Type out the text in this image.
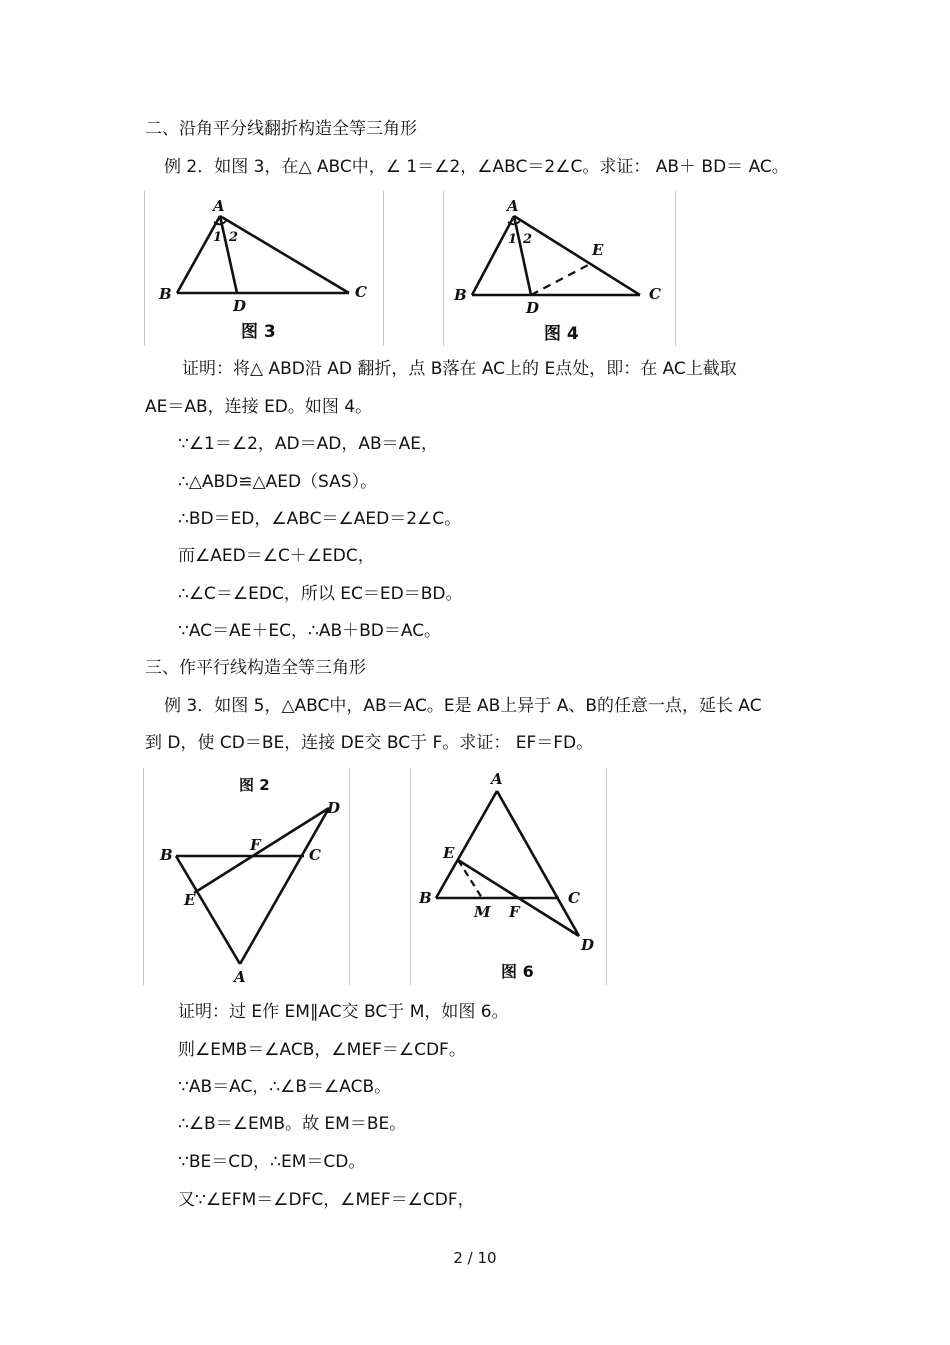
二、沿角平分线翻折构造全等三角形
例 2．如图 3，在△ ABC中，∠ 1＝∠2，∠ABC＝2∠C。求证： AB＋ BD＝ AC。
A
1 2
B
D
C
图 3
A
1 2
E
B
D
C
图 4
证明：将△ ABD沿 AD 翻折，点 B落在 AC上的 E点处，即：在 AC上截取
AE＝AB，连接 ED。如图 4。
∵∠1＝∠2，AD＝AD，AB＝AE，
∴△ABD≌△AED（SAS）。
∴BD＝ED，∠ABC＝∠AED＝2∠C。
而∠AED＝∠C＋∠EDC，
∴∠C＝∠EDC，所以 EC＝ED＝BD。
∵AC＝AE＋EC，∴AB＋BD＝AC。
三、作平行线构造全等三角形
例 3．如图 5，△ABC中，AB＝AC。E是 AB上异于 A、B的任意一点，延长 AC
到 D，使 CD＝BE，连接 DE交 BC于 F。求证： EF＝FD。
图 2
D
B
F
C
E
A
A
E
B
M F
C
D
图 6
证明：过 E作 EM∥AC交 BC于 M，如图 6。
则∠EMB＝∠ACB，∠MEF＝∠CDF。
∵AB＝AC，∴∠B＝∠ACB。
∴∠B＝∠EMB。故 EM＝BE。
∵BE＝CD，∴EM＝CD。
又∵∠EFM＝∠DFC，∠MEF＝∠CDF，
2 / 10
